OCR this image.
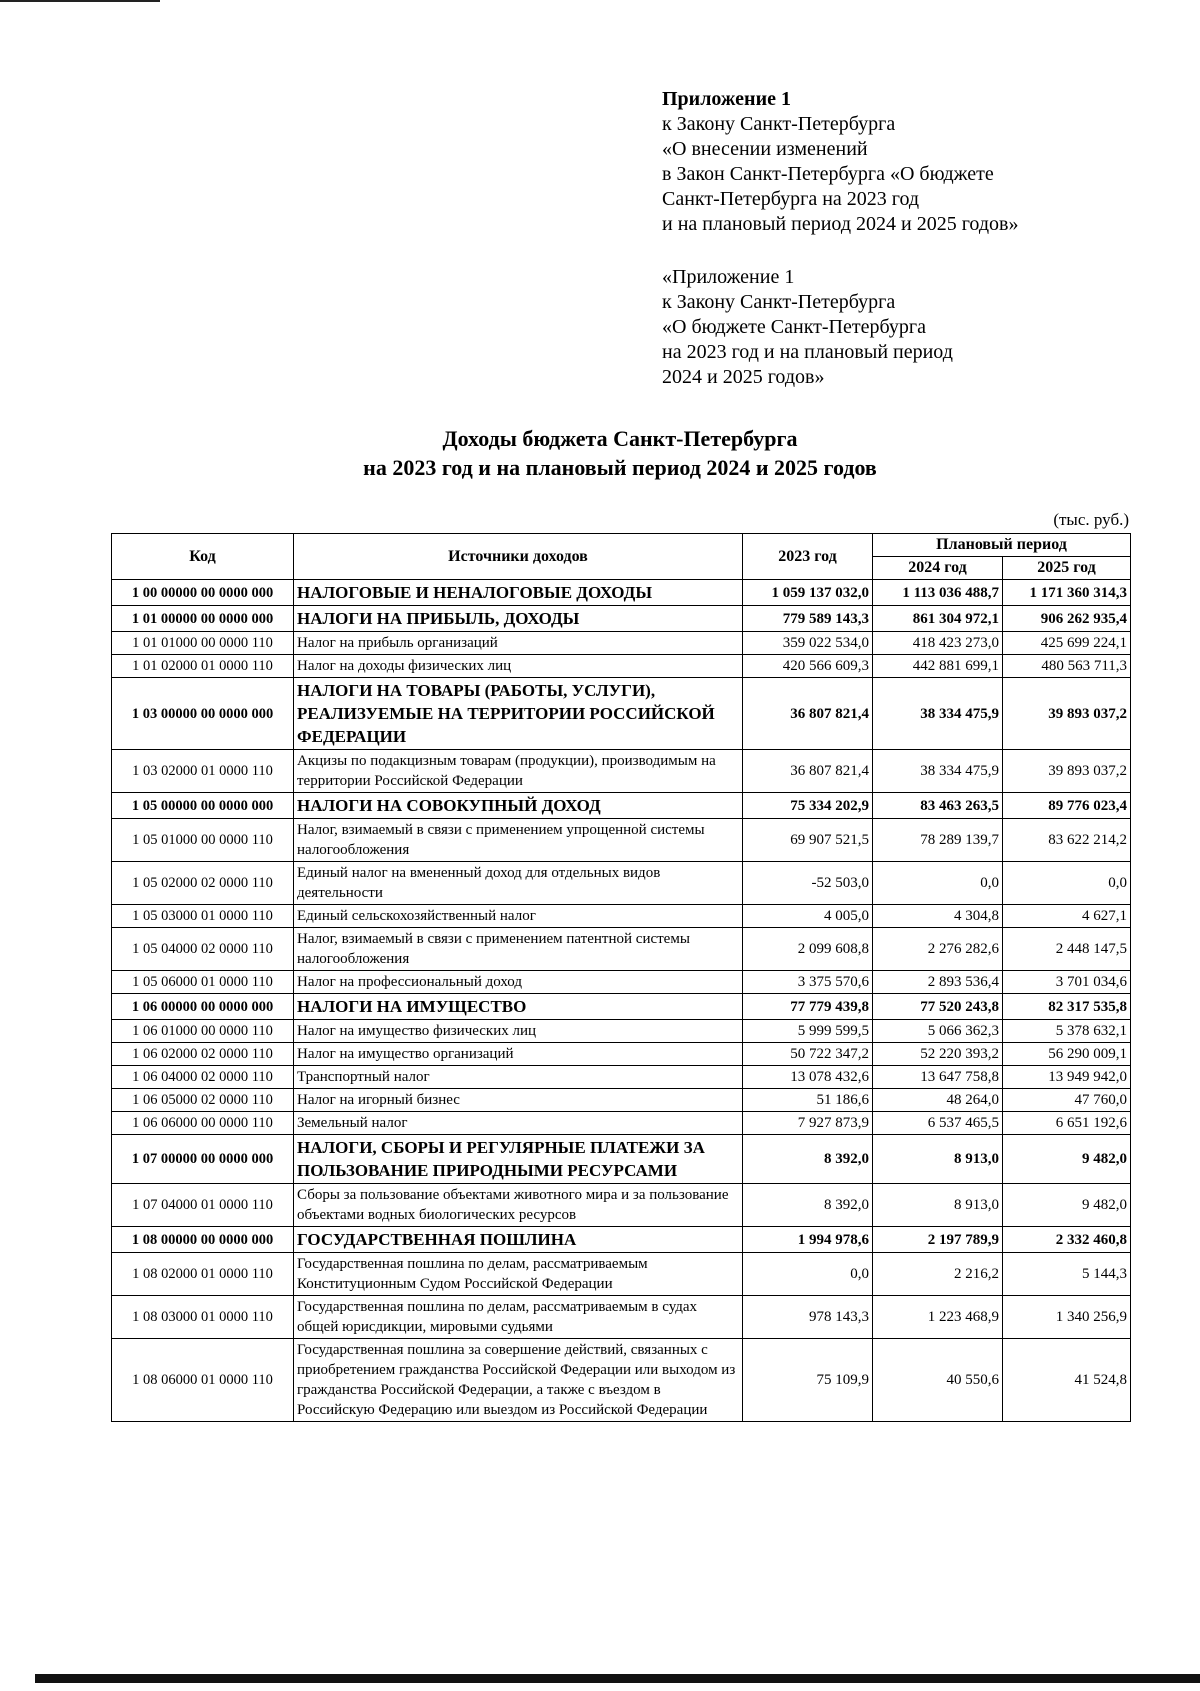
Приложение 1
к Закону Санкт-Петербурга
«О внесении изменений
в Закон Санкт-Петербурга «О бюджете
Санкт-Петербурга на 2023 год
и на плановый период 2024 и 2025 годов»
«Приложение 1
к Закону Санкт-Петербурга
«О бюджете Санкт-Петербурга
на 2023 год и на плановый период
2024 и 2025 годов»
Доходы бюджета Санкт-Петербурга
на 2023 год и на плановый период 2024 и 2025 годов
(тыс. руб.)
Код	Источники доходов	2023 год	Плановый период	
			2024 год	2025 год
1 00 00000 00 0000 000	НАЛОГОВЫЕ И НЕНАЛОГОВЫЕ ДОХОДЫ	1 059 137 032,0	1 113 036 488,7	1 171 360 314,3
1 01 00000 00 0000 000	НАЛОГИ НА ПРИБЫЛЬ, ДОХОДЫ	779 589 143,3	861 304 972,1	906 262 935,4
1 01 01000 00 0000 110	Налог на прибыль организаций	359 022 534,0	418 423 273,0	425 699 224,1
1 01 02000 01 0000 110	Налог на доходы физических лиц	420 566 609,3	442 881 699,1	480 563 711,3
1 03 00000 00 0000 000	НАЛОГИ НА ТОВАРЫ (РАБОТЫ, УСЛУГИ), РЕАЛИЗУЕМЫЕ НА ТЕРРИТОРИИ РОССИЙСКОЙ ФЕДЕРАЦИИ	36 807 821,4	38 334 475,9	39 893 037,2
1 03 02000 01 0000 110	Акцизы по подакцизным товарам (продукции), производимым на территории Российской Федерации	36 807 821,4	38 334 475,9	39 893 037,2
1 05 00000 00 0000 000	НАЛОГИ НА СОВОКУПНЫЙ ДОХОД	75 334 202,9	83 463 263,5	89 776 023,4
1 05 01000 00 0000 110	Налог, взимаемый в связи с применением упрощенной системы налогообложения	69 907 521,5	78 289 139,7	83 622 214,2
1 05 02000 02 0000 110	Единый налог на вмененный доход для отдельных видов деятельности	-52 503,0	0,0	0,0
1 05 03000 01 0000 110	Единый сельскохозяйственный налог	4 005,0	4 304,8	4 627,1
1 05 04000 02 0000 110	Налог, взимаемый в связи с применением патентной системы налогообложения	2 099 608,8	2 276 282,6	2 448 147,5
1 05 06000 01 0000 110	Налог на профессиональный доход	3 375 570,6	2 893 536,4	3 701 034,6
1 06 00000 00 0000 000	НАЛОГИ НА ИМУЩЕСТВО	77 779 439,8	77 520 243,8	82 317 535,8
1 06 01000 00 0000 110	Налог на имущество физических лиц	5 999 599,5	5 066 362,3	5 378 632,1
1 06 02000 02 0000 110	Налог на имущество организаций	50 722 347,2	52 220 393,2	56 290 009,1
1 06 04000 02 0000 110	Транспортный налог	13 078 432,6	13 647 758,8	13 949 942,0
1 06 05000 02 0000 110	Налог на игорный бизнес	51 186,6	48 264,0	47 760,0
1 06 06000 00 0000 110	Земельный налог	7 927 873,9	6 537 465,5	6 651 192,6
1 07 00000 00 0000 000	НАЛОГИ, СБОРЫ И РЕГУЛЯРНЫЕ ПЛАТЕЖИ ЗА ПОЛЬЗОВАНИЕ ПРИРОДНЫМИ РЕСУРСАМИ	8 392,0	8 913,0	9 482,0
1 07 04000 01 0000 110	Сборы за пользование объектами животного мира и за пользование объектами водных биологических ресурсов	8 392,0	8 913,0	9 482,0
1 08 00000 00 0000 000	ГОСУДАРСТВЕННАЯ ПОШЛИНА	1 994 978,6	2 197 789,9	2 332 460,8
1 08 02000 01 0000 110	Государственная пошлина по делам, рассматриваемым Конституционным Судом Российской Федерации	0,0	2 216,2	5 144,3
1 08 03000 01 0000 110	Государственная пошлина по делам, рассматриваемым в судах общей юрисдикции, мировыми судьями	978 143,3	1 223 468,9	1 340 256,9
1 08 06000 01 0000 110	Государственная пошлина за совершение действий, связанных с приобретением гражданства Российской Федерации или выходом из гражданства Российской Федерации, а также с въездом в Российскую Федерацию или выездом из Российской Федерации	75 109,9	40 550,6	41 524,8
